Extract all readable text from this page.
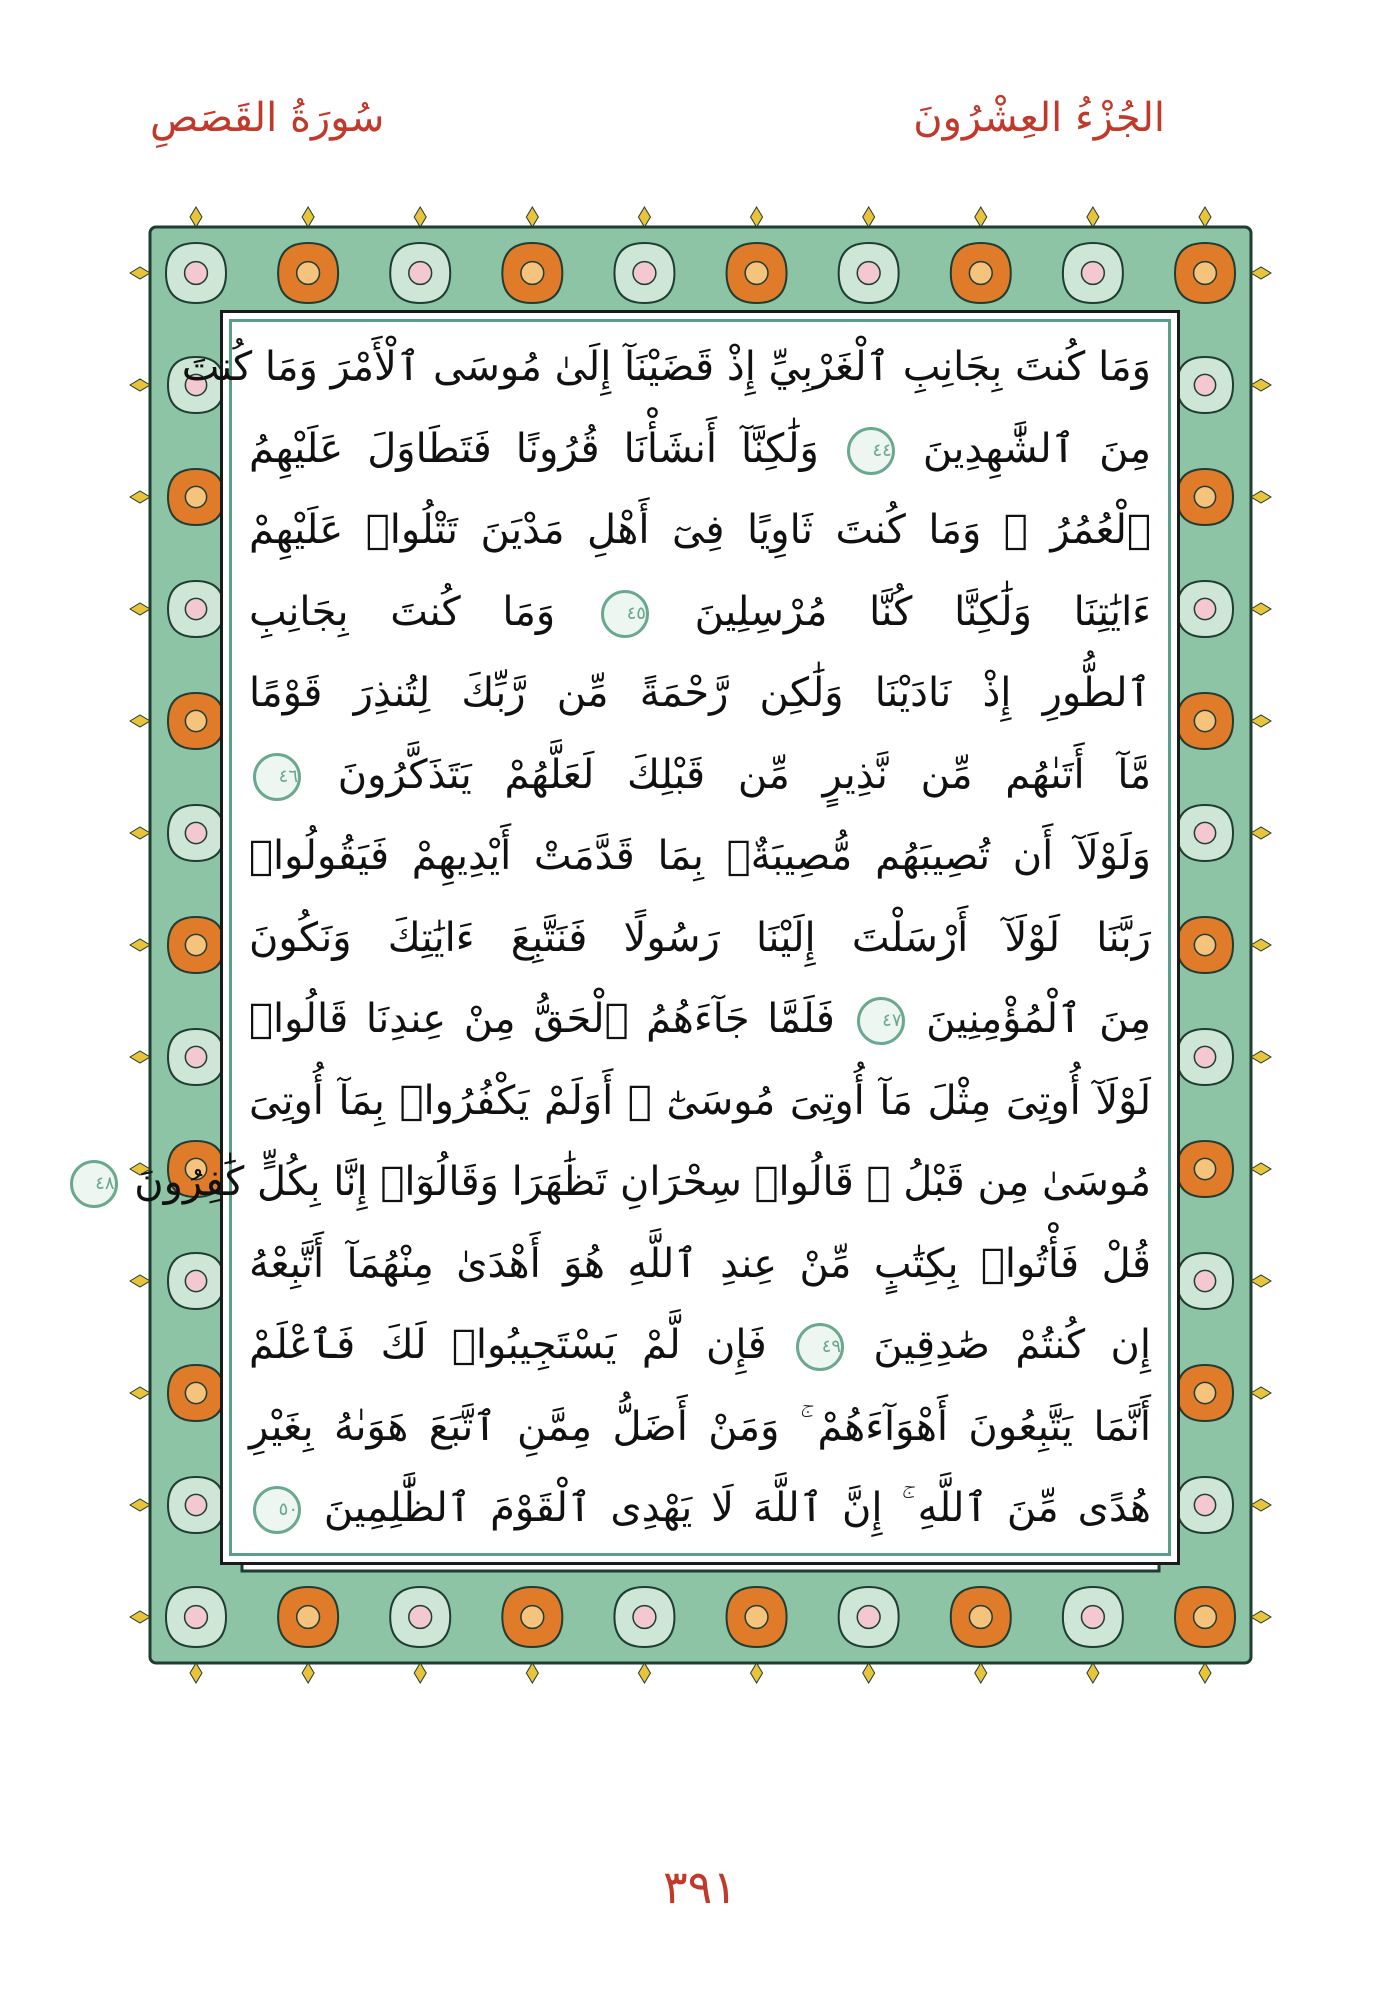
الجُزْءُ العِشْرُونَ
سُورَةُ القَصَصِ
وَمَا كُنتَ بِجَانِبِ ٱلْغَرْبِيِّ إِذْ قَضَيْنَآ إِلَىٰ مُوسَى ٱلْأَمْرَ وَمَا كُنتَ
مِنَ ٱلشَّٰهِدِينَ ٤٤ وَلَٰكِنَّآ أَنشَأْنَا قُرُونًا فَتَطَاوَلَ عَلَيْهِمُ
ٱلْعُمُرُ ۚ وَمَا كُنتَ ثَاوِيًا فِىٓ أَهْلِ مَدْيَنَ تَتْلُوا۟ عَلَيْهِمْ
ءَايَٰتِنَا وَلَٰكِنَّا كُنَّا مُرْسِلِينَ ٤٥ وَمَا كُنتَ بِجَانِبِ
ٱلطُّورِ إِذْ نَادَيْنَا وَلَٰكِن رَّحْمَةً مِّن رَّبِّكَ لِتُنذِرَ قَوْمًا
مَّآ أَتَىٰهُم مِّن نَّذِيرٍ مِّن قَبْلِكَ لَعَلَّهُمْ يَتَذَكَّرُونَ ٤٦
وَلَوْلَآ أَن تُصِيبَهُم مُّصِيبَةٌۢ بِمَا قَدَّمَتْ أَيْدِيهِمْ فَيَقُولُوا۟
رَبَّنَا لَوْلَآ أَرْسَلْتَ إِلَيْنَا رَسُولًا فَنَتَّبِعَ ءَايَٰتِكَ وَنَكُونَ
مِنَ ٱلْمُؤْمِنِينَ ٤٧ فَلَمَّا جَآءَهُمُ ٱلْحَقُّ مِنْ عِندِنَا قَالُوا۟
لَوْلَآ أُوتِىَ مِثْلَ مَآ أُوتِىَ مُوسَىٰٓ ۚ أَوَلَمْ يَكْفُرُوا۟ بِمَآ أُوتِىَ
مُوسَىٰ مِن قَبْلُ ۖ قَالُوا۟ سِحْرَانِ تَظَٰهَرَا وَقَالُوٓا۟ إِنَّا بِكُلٍّ كَٰفِرُونَ ٤٨
قُلْ فَأْتُوا۟ بِكِتَٰبٍ مِّنْ عِندِ ٱللَّهِ هُوَ أَهْدَىٰ مِنْهُمَآ أَتَّبِعْهُ
إِن كُنتُمْ صَٰدِقِينَ ٤٩ فَإِن لَّمْ يَسْتَجِيبُوا۟ لَكَ فَٱعْلَمْ
أَنَّمَا يَتَّبِعُونَ أَهْوَآءَهُمْ ۚ وَمَنْ أَضَلُّ مِمَّنِ ٱتَّبَعَ هَوَىٰهُ بِغَيْرِ
هُدًى مِّنَ ٱللَّهِ ۚ إِنَّ ٱللَّهَ لَا يَهْدِى ٱلْقَوْمَ ٱلظَّٰلِمِينَ ٥٠
٣٩١
